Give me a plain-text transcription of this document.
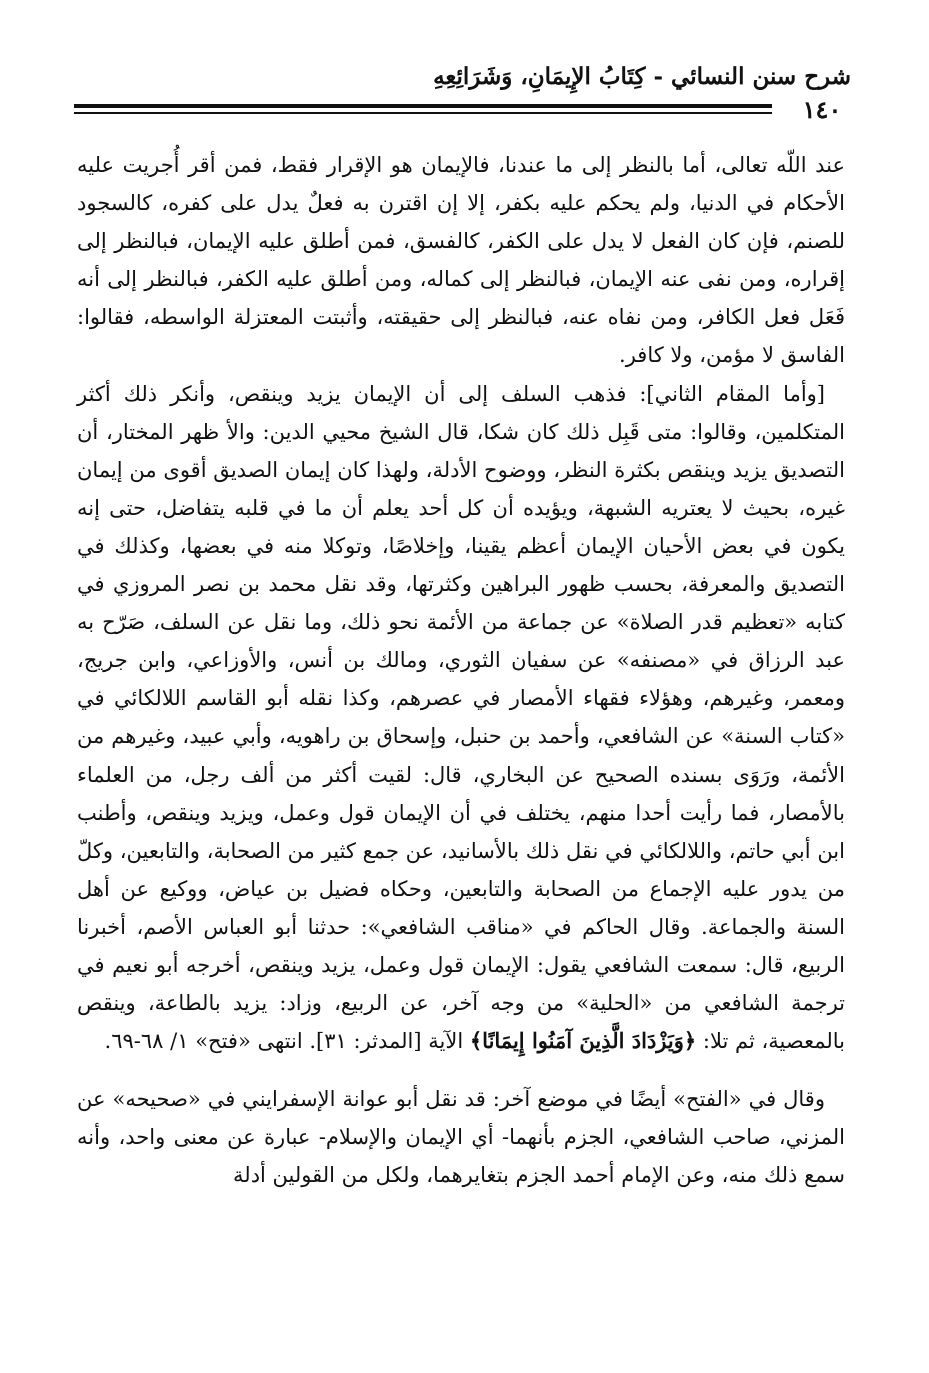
شرح سنن النسائي - كِتَابُ الإِيمَانِ، وَشَرَائِعِهِ
١٤٠

عند اللّه تعالى، أما بالنظر إلى ما عندنا، فالإيمان هو الإقرار فقط، فمن أقر أُجريت عليه الأحكام في الدنيا، ولم يحكم عليه بكفر، إلا إن اقترن به فعلٌ يدل على كفره، كالسجود للصنم، فإن كان الفعل لا يدل على الكفر، كالفسق، فمن أطلق عليه الإيمان، فبالنظر إلى إقراره، ومن نفى عنه الإيمان، فبالنظر إلى كماله، ومن أطلق عليه الكفر، فبالنظر إلى أنه فَعَل فعل الكافر، ومن نفاه عنه، فبالنظر إلى حقيقته، وأثبتت المعتزلة الواسطه، فقالوا: الفاسق لا مؤمن، ولا كافر.

[وأما المقام الثاني]: فذهب السلف إلى أن الإيمان يزيد وينقص، وأنكر ذلك أكثر المتكلمين، وقالوا: متى قَبِل ذلك كان شكا، قال الشيخ محيي الدين: والأ ظهر المختار، أن التصديق يزيد وينقص بكثرة النظر، ووضوح الأدلة، ولهذا كان إيمان الصديق أقوى من إيمان غيره، بحيث لا يعتريه الشبهة، ويؤيده أن كل أحد يعلم أن ما في قلبه يتفاضل، حتى إنه يكون في بعض الأحيان الإيمان أعظم يقينا، وإخلاصًا، وتوكلا منه في بعضها، وكذلك في التصديق والمعرفة، بحسب ظهور البراهين وكثرتها، وقد نقل محمد بن نصر المروزي في كتابه «تعظيم قدر الصلاة» عن جماعة من الأئمة نحو ذلك، وما نقل عن السلف، صَرّح به عبد الرزاق في «مصنفه» عن سفيان الثوري، ومالك بن أنس، والأوزاعي، وابن جريج، ومعمر، وغيرهم، وهؤلاء فقهاء الأمصار في عصرهم، وكذا نقله أبو القاسم اللالكائي في «كتاب السنة» عن الشافعي، وأحمد بن حنبل، وإسحاق بن راهويه، وأبي عبيد، وغيرهم من الأئمة، ورَوَى بسنده الصحيح عن البخاري، قال: لقيت أكثر من ألف رجل، من العلماء بالأمصار، فما رأيت أحدا منهم، يختلف في أن الإيمان قول وعمل، ويزيد وينقص، وأطنب ابن أبي حاتم، واللالكائي في نقل ذلك بالأسانيد، عن جمع كثير من الصحابة، والتابعين، وكلّ من يدور عليه الإجماع من الصحابة والتابعين، وحكاه فضيل بن عياض، ووكيع عن أهل السنة والجماعة. وقال الحاكم في «مناقب الشافعي»: حدثنا أبو العباس الأصم، أخبرنا الربيع، قال: سمعت الشافعي يقول: الإيمان قول وعمل، يزيد وينقص، أخرجه أبو نعيم في ترجمة الشافعي من «الحلية» من وجه آخر، عن الربيع، وزاد: يزيد بالطاعة، وينقص بالمعصية، ثم تلا: ﴿وَيَزْدَادَ الَّذِينَ آمَنُوا إِيمَانًا﴾ الآية [المدثر: ٣١]. انتهى «فتح» ١/ ٦٨-٦٩.

وقال في «الفتح» أيضًا في موضع آخر: قد نقل أبو عوانة الإسفرايني في «صحيحه» عن المزني، صاحب الشافعي، الجزم بأنهما- أي الإيمان والإسلام- عبارة عن معنى واحد، وأنه سمع ذلك منه، وعن الإمام أحمد الجزم بتغايرهما، ولكل من القولين أدلة
